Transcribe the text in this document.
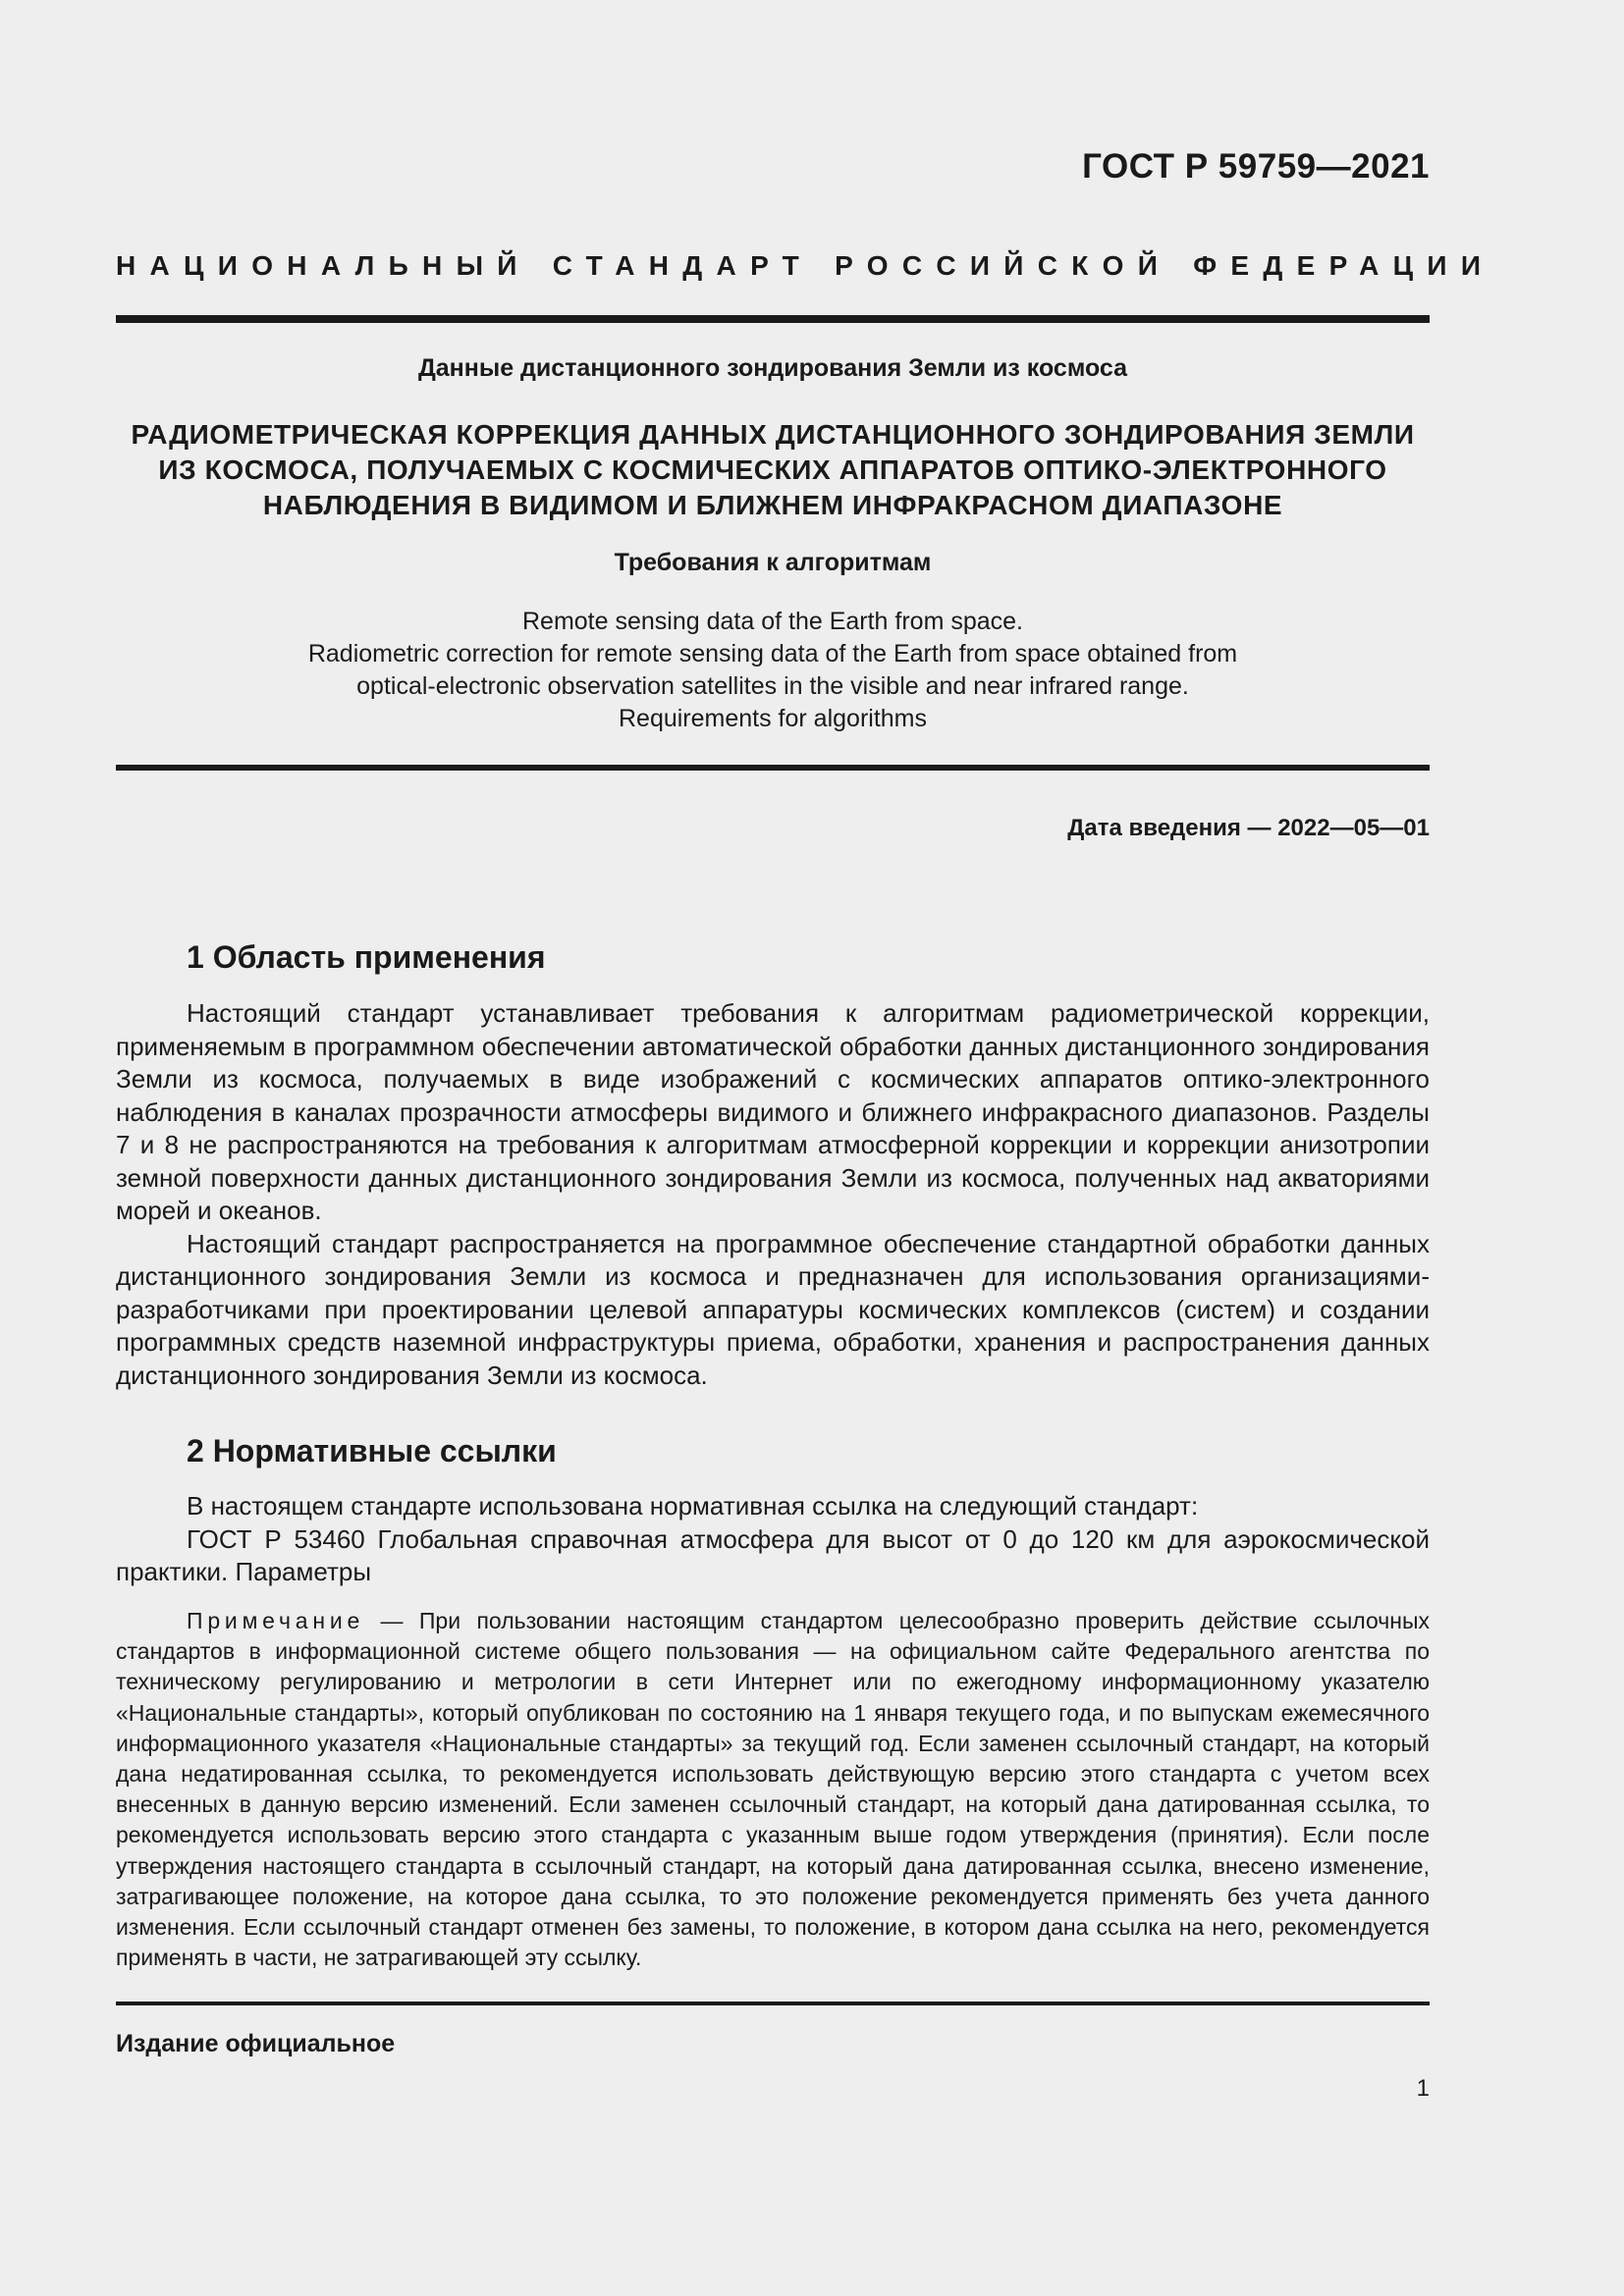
ГОСТ Р 59759—2021
НАЦИОНАЛЬНЫЙ СТАНДАРТ РОССИЙСКОЙ ФЕДЕРАЦИИ
Данные дистанционного зондирования Земли из космоса
РАДИОМЕТРИЧЕСКАЯ КОРРЕКЦИЯ ДАННЫХ ДИСТАНЦИОННОГО ЗОНДИРОВАНИЯ ЗЕМЛИ
ИЗ КОСМОСА, ПОЛУЧАЕМЫХ С КОСМИЧЕСКИХ АППАРАТОВ ОПТИКО-ЭЛЕКТРОННОГО
НАБЛЮДЕНИЯ В ВИДИМОМ И БЛИЖНЕМ ИНФРАКРАСНОМ ДИАПАЗОНЕ
Требования к алгоритмам
Remote sensing data of the Earth from space.
Radiometric correction for remote sensing data of the Earth from space obtained from
optical-electronic observation satellites in the visible and near infrared range.
Requirements for algorithms
Дата введения — 2022—05—01
1 Область применения

Настоящий стандарт устанавливает требования к алгоритмам радиометрической коррекции, применяемым в программном обеспечении автоматической обработки данных дистанционного зондирования Земли из космоса, получаемых в виде изображений с космических аппаратов оптико-электронного наблюдения в каналах прозрачности атмосферы видимого и ближнего инфракрасного диапазонов. Разделы 7 и 8 не распространяются на требования к алгоритмам атмосферной коррекции и коррекции анизотропии земной поверхности данных дистанционного зондирования Земли из космоса, полученных над акваториями морей и океанов.

Настоящий стандарт распространяется на программное обеспечение стандартной обработки данных дистанционного зондирования Земли из космоса и предназначен для использования организациями-разработчиками при проектировании целевой аппаратуры космических комплексов (систем) и создании программных средств наземной инфраструктуры приема, обработки, хранения и распространения данных дистанционного зондирования Земли из космоса.

2 Нормативные ссылки

В настоящем стандарте использована нормативная ссылка на следующий стандарт:

ГОСТ Р 53460 Глобальная справочная атмосфера для высот от 0 до 120 км для аэрокосмической практики. Параметры

Примечание — При пользовании настоящим стандартом целесообразно проверить действие ссылочных стандартов в информационной системе общего пользования — на официальном сайте Федерального агентства по техническому регулированию и метрологии в сети Интернет или по ежегодному информационному указателю «Национальные стандарты», который опубликован по состоянию на 1 января текущего года, и по выпускам ежемесячного информационного указателя «Национальные стандарты» за текущий год. Если заменен ссылочный стандарт, на который дана недатированная ссылка, то рекомендуется использовать действующую версию этого стандарта с учетом всех внесенных в данную версию изменений. Если заменен ссылочный стандарт, на который дана датированная ссылка, то рекомендуется использовать версию этого стандарта с указанным выше годом утверждения (принятия). Если после утверждения настоящего стандарта в ссылочный стандарт, на который дана датированная ссылка, внесено изменение, затрагивающее положение, на которое дана ссылка, то это положение рекомендуется применять без учета данного изменения. Если ссылочный стандарт отменен без замены, то положение, в котором дана ссылка на него, рекомендуется применять в части, не затрагивающей эту ссылку.
Издание официальное
1
